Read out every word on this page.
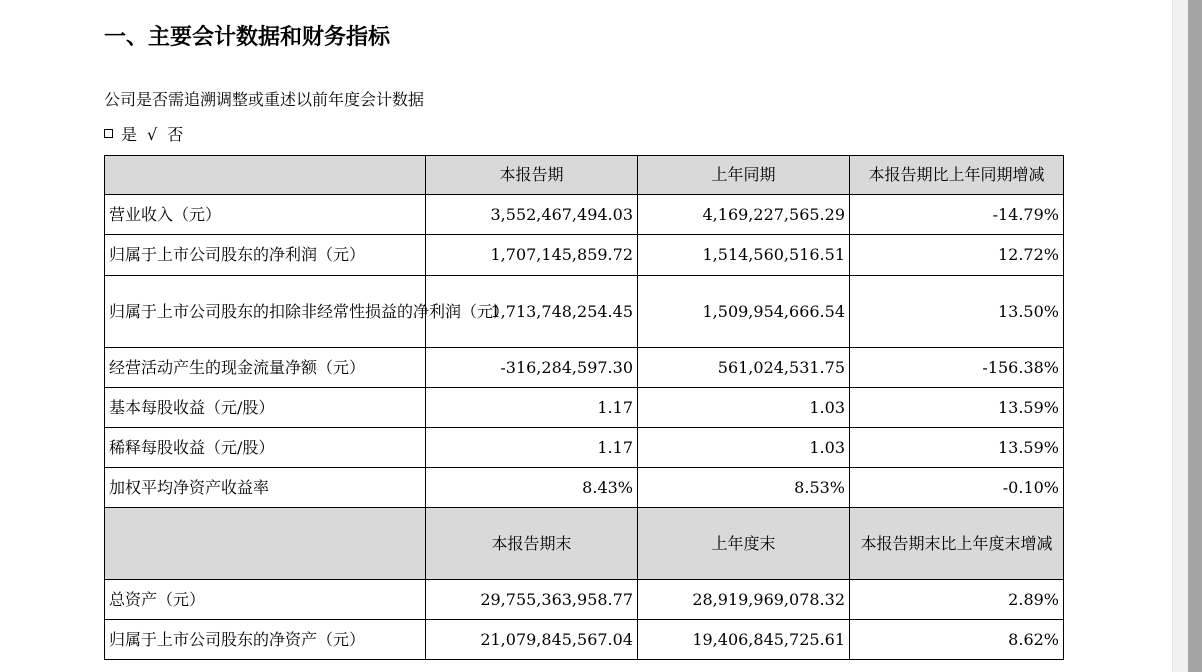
一、主要会计数据和财务指标
公司是否需追溯调整或重述以前年度会计数据
是 √ 否
	本报告期	上年同期	本报告期比上年同期增减
营业收入（元）	3,552,467,494.03	4,169,227,565.29	-14.79%
归属于上市公司股东的净利润（元）	1,707,145,859.72	1,514,560,516.51	12.72%
归属于上市公司股东的扣除非经常性损益的净利润（元）	1,713,748,254.45	1,509,954,666.54	13.50%
经营活动产生的现金流量净额（元）	-316,284,597.30	561,024,531.75	-156.38%
基本每股收益（元/股）	1.17	1.03	13.59%
稀释每股收益（元/股）	1.17	1.03	13.59%
加权平均净资产收益率	8.43%	8.53%	-0.10%
	本报告期末	上年度末	本报告期末比上年度末增减
总资产（元）	29,755,363,958.77	28,919,969,078.32	2.89%
归属于上市公司股东的净资产（元）	21,079,845,567.04	19,406,845,725.61	8.62%
